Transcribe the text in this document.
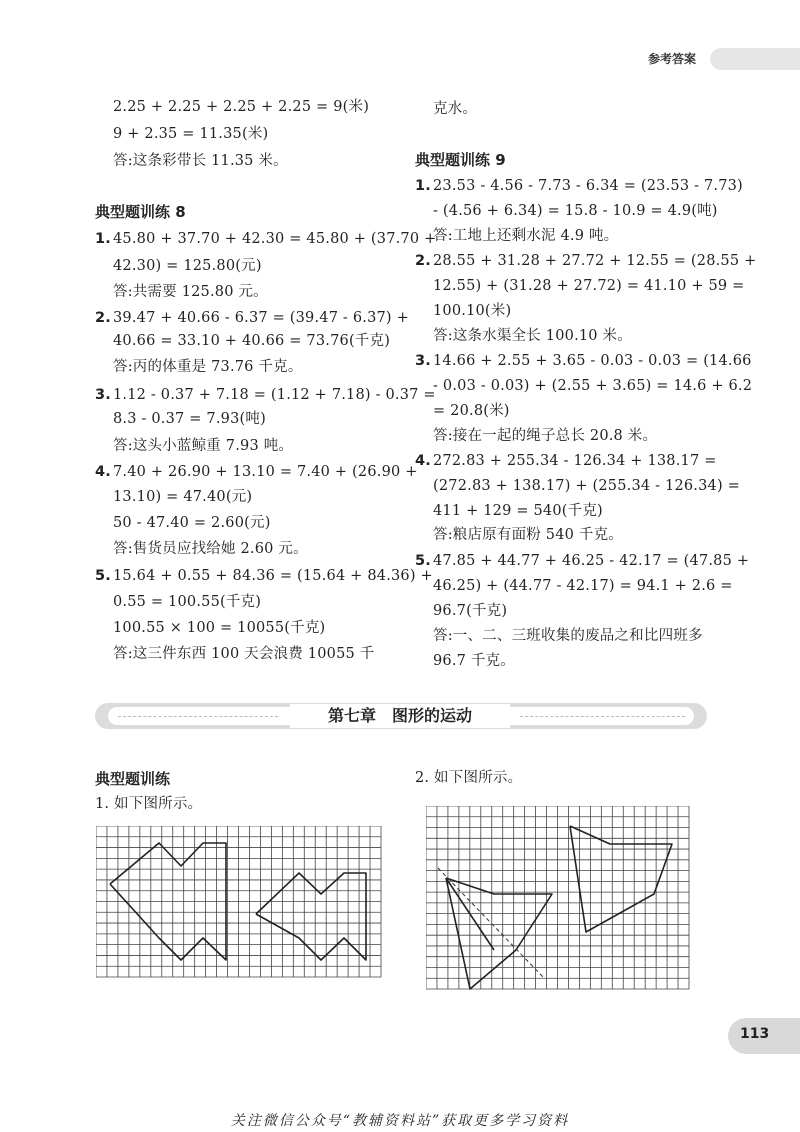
参考答案
2.25 + 2.25 + 2.25 + 2.25 = 9(米)
9 + 2.35 = 11.35(米)
答:这条彩带长 11.35 米。
典型题训练 8
1. 45.80 + 37.70 + 42.30 = 45.80 + (37.70 +
42.30) = 125.80(元)
答:共需要 125.80 元。
2. 39.47 + 40.66 - 6.37 = (39.47 - 6.37) +
40.66 = 33.10 + 40.66 = 73.76(千克)
答:丙的体重是 73.76 千克。
3. 1.12 - 0.37 + 7.18 = (1.12 + 7.18) - 0.37 =
8.3 - 0.37 = 7.93(吨)
答:这头小蓝鲸重 7.93 吨。
4. 7.40 + 26.90 + 13.10 = 7.40 + (26.90 +
13.10) = 47.40(元)
50 - 47.40 = 2.60(元)
答:售货员应找给她 2.60 元。
5. 15.64 + 0.55 + 84.36 = (15.64 + 84.36) +
0.55 = 100.55(千克)
100.55 × 100 = 10055(千克)
答:这三件东西 100 天会浪费 10055 千
克水。
典型题训练 9
1. 23.53 - 4.56 - 7.73 - 6.34 = (23.53 - 7.73)
- (4.56 + 6.34) = 15.8 - 10.9 = 4.9(吨)
答:工地上还剩水泥 4.9 吨。
2. 28.55 + 31.28 + 27.72 + 12.55 = (28.55 +
12.55) + (31.28 + 27.72) = 41.10 + 59 =
100.10(米)
答:这条水渠全长 100.10 米。
3. 14.66 + 2.55 + 3.65 - 0.03 - 0.03 = (14.66
- 0.03 - 0.03) + (2.55 + 3.65) = 14.6 + 6.2
= 20.8(米)
答:接在一起的绳子总长 20.8 米。
4. 272.83 + 255.34 - 126.34 + 138.17 =
(272.83 + 138.17) + (255.34 - 126.34) =
411 + 129 = 540(千克)
答:粮店原有面粉 540 千克。
5. 47.85 + 44.77 + 46.25 - 42.17 = (47.85 +
46.25) + (44.77 - 42.17) = 94.1 + 2.6 =
96.7(千克)
答:一、二、三班收集的废品之和比四班多
96.7 千克。
第七章　图形的运动
典型题训练
1. 如下图所示。
2. 如下图所示。
113
关注微信公众号“教辅资料站”获取更多学习资料
